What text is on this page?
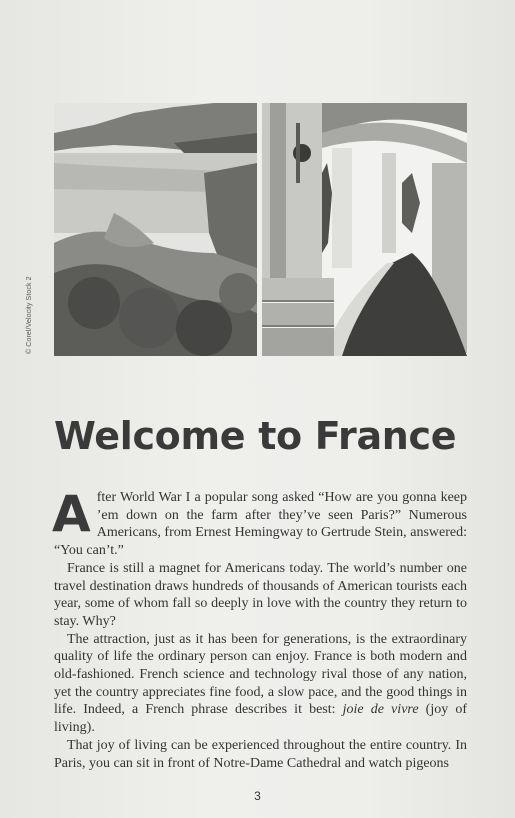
© Corel/Velocity Stock 2
Welcome to France

After World War I a popular song asked “How are you gonna keep ’em down on the farm after they’ve seen Paris?” Numerous Americans, from Ernest Hemingway to Gertrude Stein, answered: “You can’t.”

France is still a magnet for Americans today. The world’s number one travel destination draws hundreds of thousands of American tourists each year, some of whom fall so deeply in love with the country they return to stay. Why?

The attraction, just as it has been for generations, is the extraordinary quality of life the ordinary person can enjoy. France is both modern and old-fashioned. French science and technology rival those of any nation, yet the country appreciates fine food, a slow pace, and the good things in life. Indeed, a French phrase describes it best: joie de vivre (joy of living).

That joy of living can be experienced throughout the entire country. In Paris, you can sit in front of Notre-Dame Cathedral and watch pigeons

3
